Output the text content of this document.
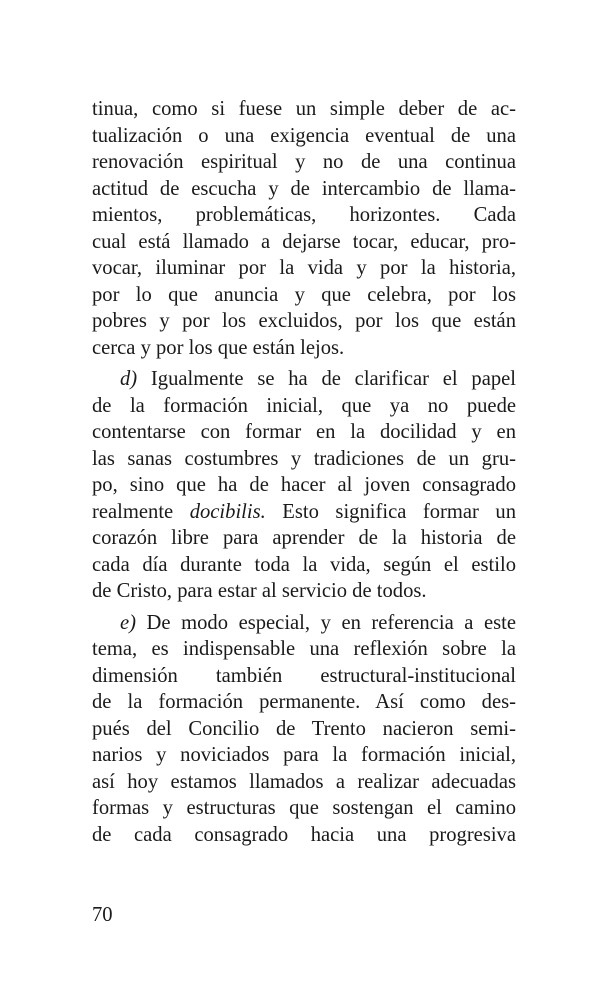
tinua, como si fuese un simple deber de ac-
tualización o una exigencia eventual de una
renovación espiritual y no de una continua
actitud de escucha y de intercambio de llama-
mientos, problemáticas, horizontes. Cada
cual está llamado a dejarse tocar, educar, pro-
vocar, iluminar por la vida y por la historia,
por lo que anuncia y que celebra, por los
pobres y por los excluidos, por los que están
cerca y por los que están lejos.

d) Igualmente se ha de clarificar el papel
de la formación inicial, que ya no puede
contentarse con formar en la docilidad y en
las sanas costumbres y tradiciones de un gru-
po, sino que ha de hacer al joven consagrado
realmente docibilis. Esto significa formar un
corazón libre para aprender de la historia de
cada día durante toda la vida, según el estilo
de Cristo, para estar al servicio de todos.

e) De modo especial, y en referencia a este
tema, es indispensable una reflexión sobre la
dimensión también estructural-institucional
de la formación permanente. Así como des-
pués del Concilio de Trento nacieron semi-
narios y noviciados para la formación inicial,
así hoy estamos llamados a realizar adecuadas
formas y estructuras que sostengan el camino
de cada consagrado hacia una progresiva

70
